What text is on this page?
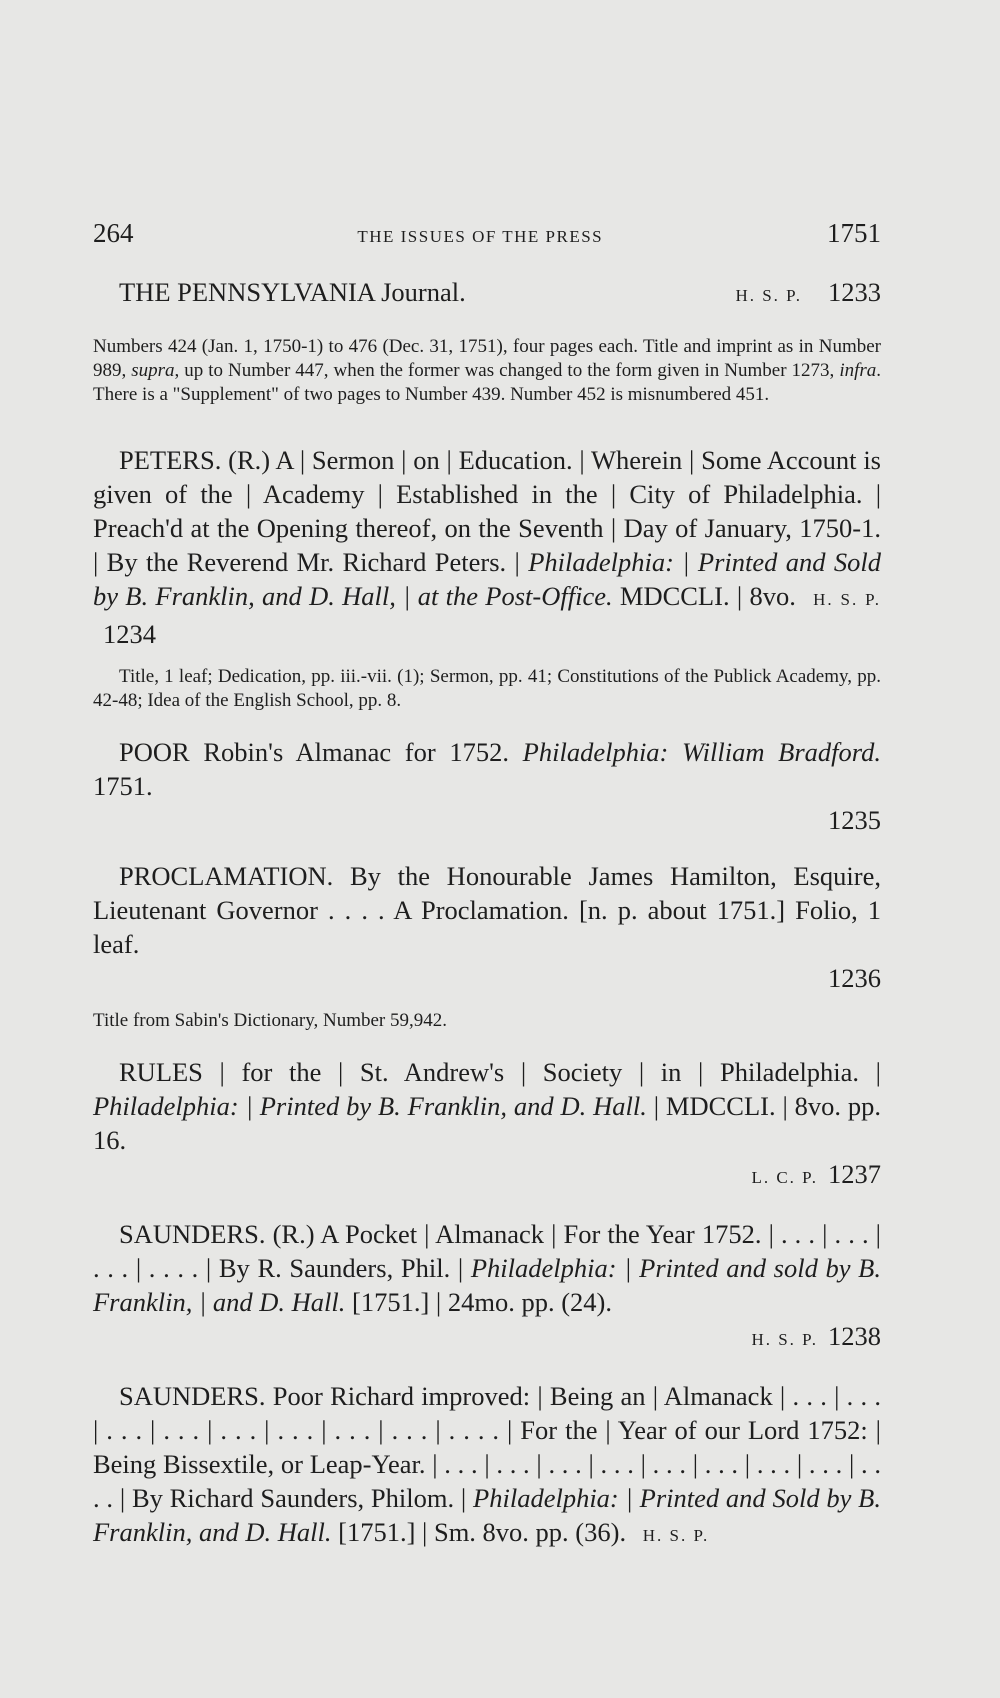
264	THE ISSUES OF THE PRESS	1751
THE PENNSYLVANIA Journal.	H. S. P. 1233
Numbers 424 (Jan. 1, 1750-1) to 476 (Dec. 31, 1751), four pages each. Title and imprint as in Number 989, supra, up to Number 447, when the former was changed to the form given in Number 1273, infra. There is a "Supplement" of two pages to Number 439. Number 452 is misnumbered 451.
PETERS. (R.) A | Sermon | on | Education. | Wherein | Some Account is given of the | Academy | Established in the | City of Philadelphia. | Preach'd at the Opening thereof, on the Seventh | Day of January, 1750-1. | By the Reverend Mr. Richard Peters. | Philadelphia: | Printed and Sold by B. Franklin, and D. Hall, | at the Post-Office. MDCCLI. | 8vo. H. S. P. 1234
Title, 1 leaf; Dedication, pp. iii.-vii. (1); Sermon, pp. 41; Constitutions of the Publick Academy, pp. 42-48; Idea of the English School, pp. 8.
POOR Robin's Almanac for 1752. Philadelphia: William Bradford. 1751.
1235
PROCLAMATION. By the Honourable James Hamilton, Esquire, Lieutenant Governor . . . . A Proclamation. [n. p. about 1751.] Folio, 1 leaf.
1236
Title from Sabin's Dictionary, Number 59,942.
RULES | for the | St. Andrew's | Society | in | Philadelphia. | Philadelphia: | Printed by B. Franklin, and D. Hall. | MDCCLI. | 8vo. pp. 16.
L. C. P. 1237
SAUNDERS. (R.) A Pocket | Almanack | For the Year 1752. | . . . | . . . | . . . | . . . . | By R. Saunders, Phil. | Philadelphia: | Printed and sold by B. Franklin, | and D. Hall. [1751.] | 24mo. pp. (24).
H. S. P. 1238
SAUNDERS. Poor Richard improved: | Being an | Almanack | . . . | . . . | . . . | . . . | . . . | . . . | . . . | . . . | . . . . | For the | Year of our Lord 1752: | Being Bissextile, or Leap-Year. | . . . | . . . | . . . | . . . | . . . | . . . | . . . | . . . | . . . . | By Richard Saunders, Philom. | Philadelphia: | Printed and Sold by B. Franklin, and D. Hall. [1751.] | Sm. 8vo. pp. (36). H. S. P.
